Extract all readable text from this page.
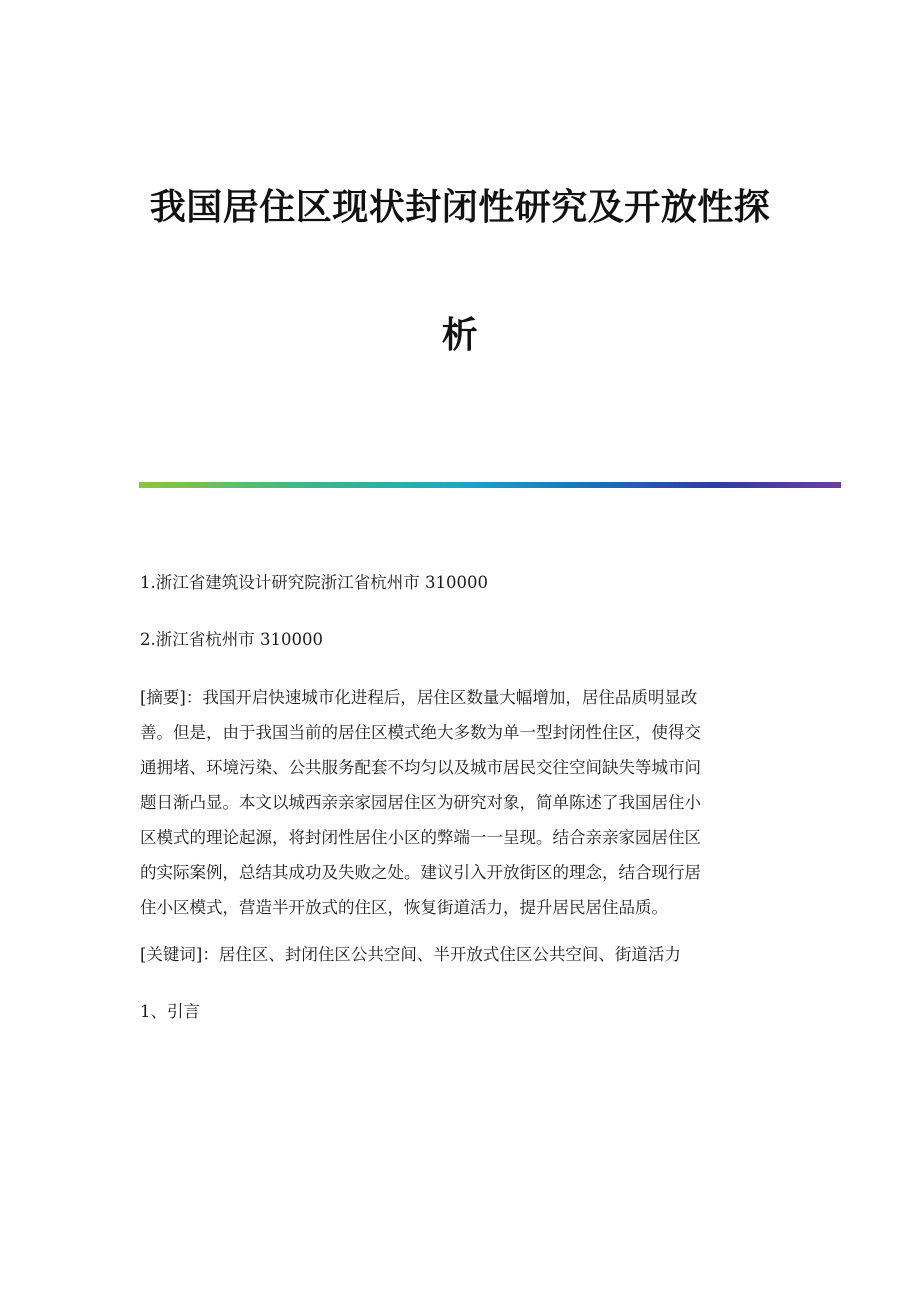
我国居住区现状封闭性研究及开放性探
析
1.浙江省建筑设计研究院浙江省杭州市 310000
2.浙江省杭州市 310000
[摘要]：我国开启快速城市化进程后，居住区数量大幅增加，居住品质明显改
善。但是，由于我国当前的居住区模式绝大多数为单一型封闭性住区，使得交
通拥堵、环境污染、公共服务配套不均匀以及城市居民交往空间缺失等城市问
题日渐凸显。本文以城西亲亲家园居住区为研究对象，简单陈述了我国居住小
区模式的理论起源，将封闭性居住小区的弊端一一呈现。结合亲亲家园居住区
的实际案例，总结其成功及失败之处。建议引入开放街区的理念，结合现行居
住小区模式，营造半开放式的住区，恢复街道活力，提升居民居住品质。
[关键词]：居住区、封闭住区公共空间、半开放式住区公共空间、街道活力
1、引言
